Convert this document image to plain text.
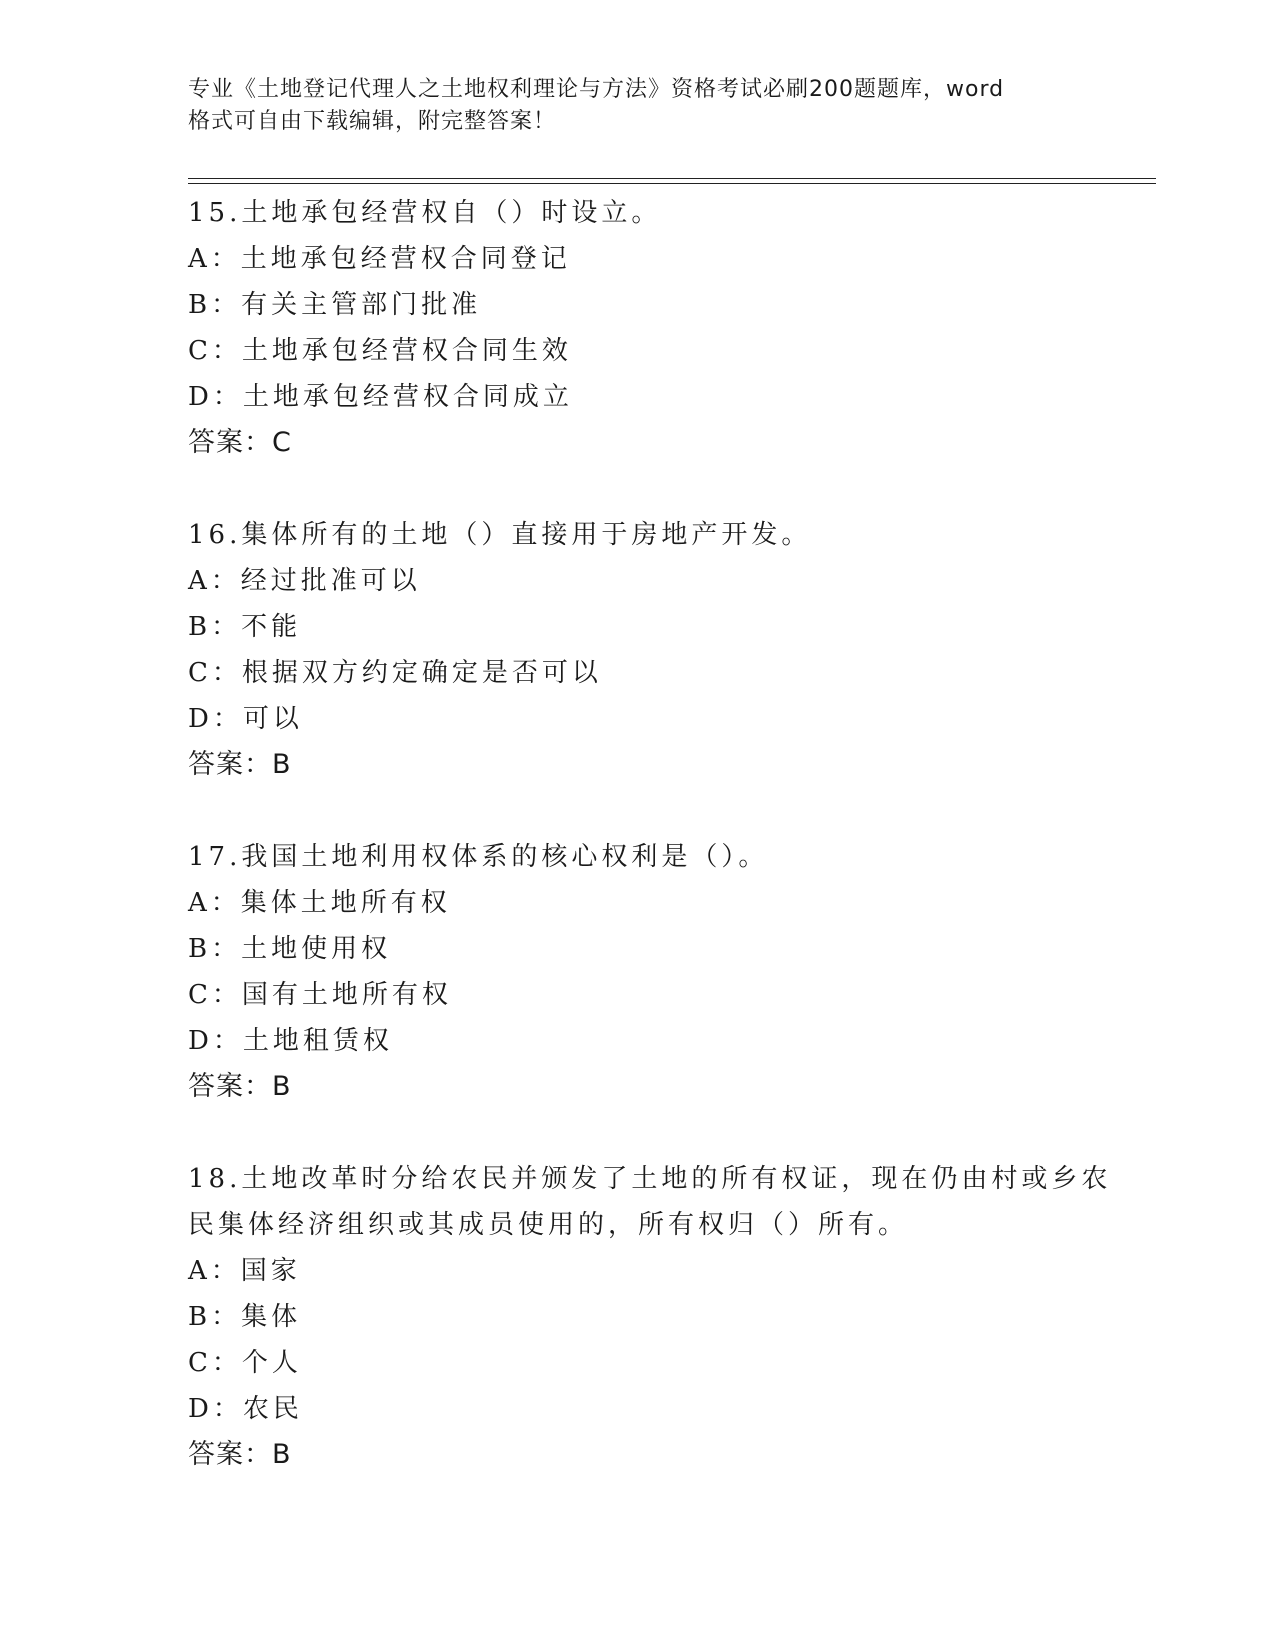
专业《土地登记代理人之土地权利理论与方法》资格考试必刷200题题库，word
格式可自由下载编辑，附完整答案！

15.土地承包经营权自（）时设立。

A：土地承包经营权合同登记

B：有关主管部门批准

C：土地承包经营权合同生效

D：土地承包经营权合同成立

答案：C

16.集体所有的土地（）直接用于房地产开发。

A：经过批准可以

B：不能

C：根据双方约定确定是否可以

D：可以

答案：B

17.我国土地利用权体系的核心权利是（）。

A：集体土地所有权

B：土地使用权

C：国有土地所有权

D：土地租赁权

答案：B

18.土地改革时分给农民并颁发了土地的所有权证，现在仍由村或乡农

民集体经济组织或其成员使用的，所有权归（）所有。

A：国家

B：集体

C：个人

D：农民

答案：B
